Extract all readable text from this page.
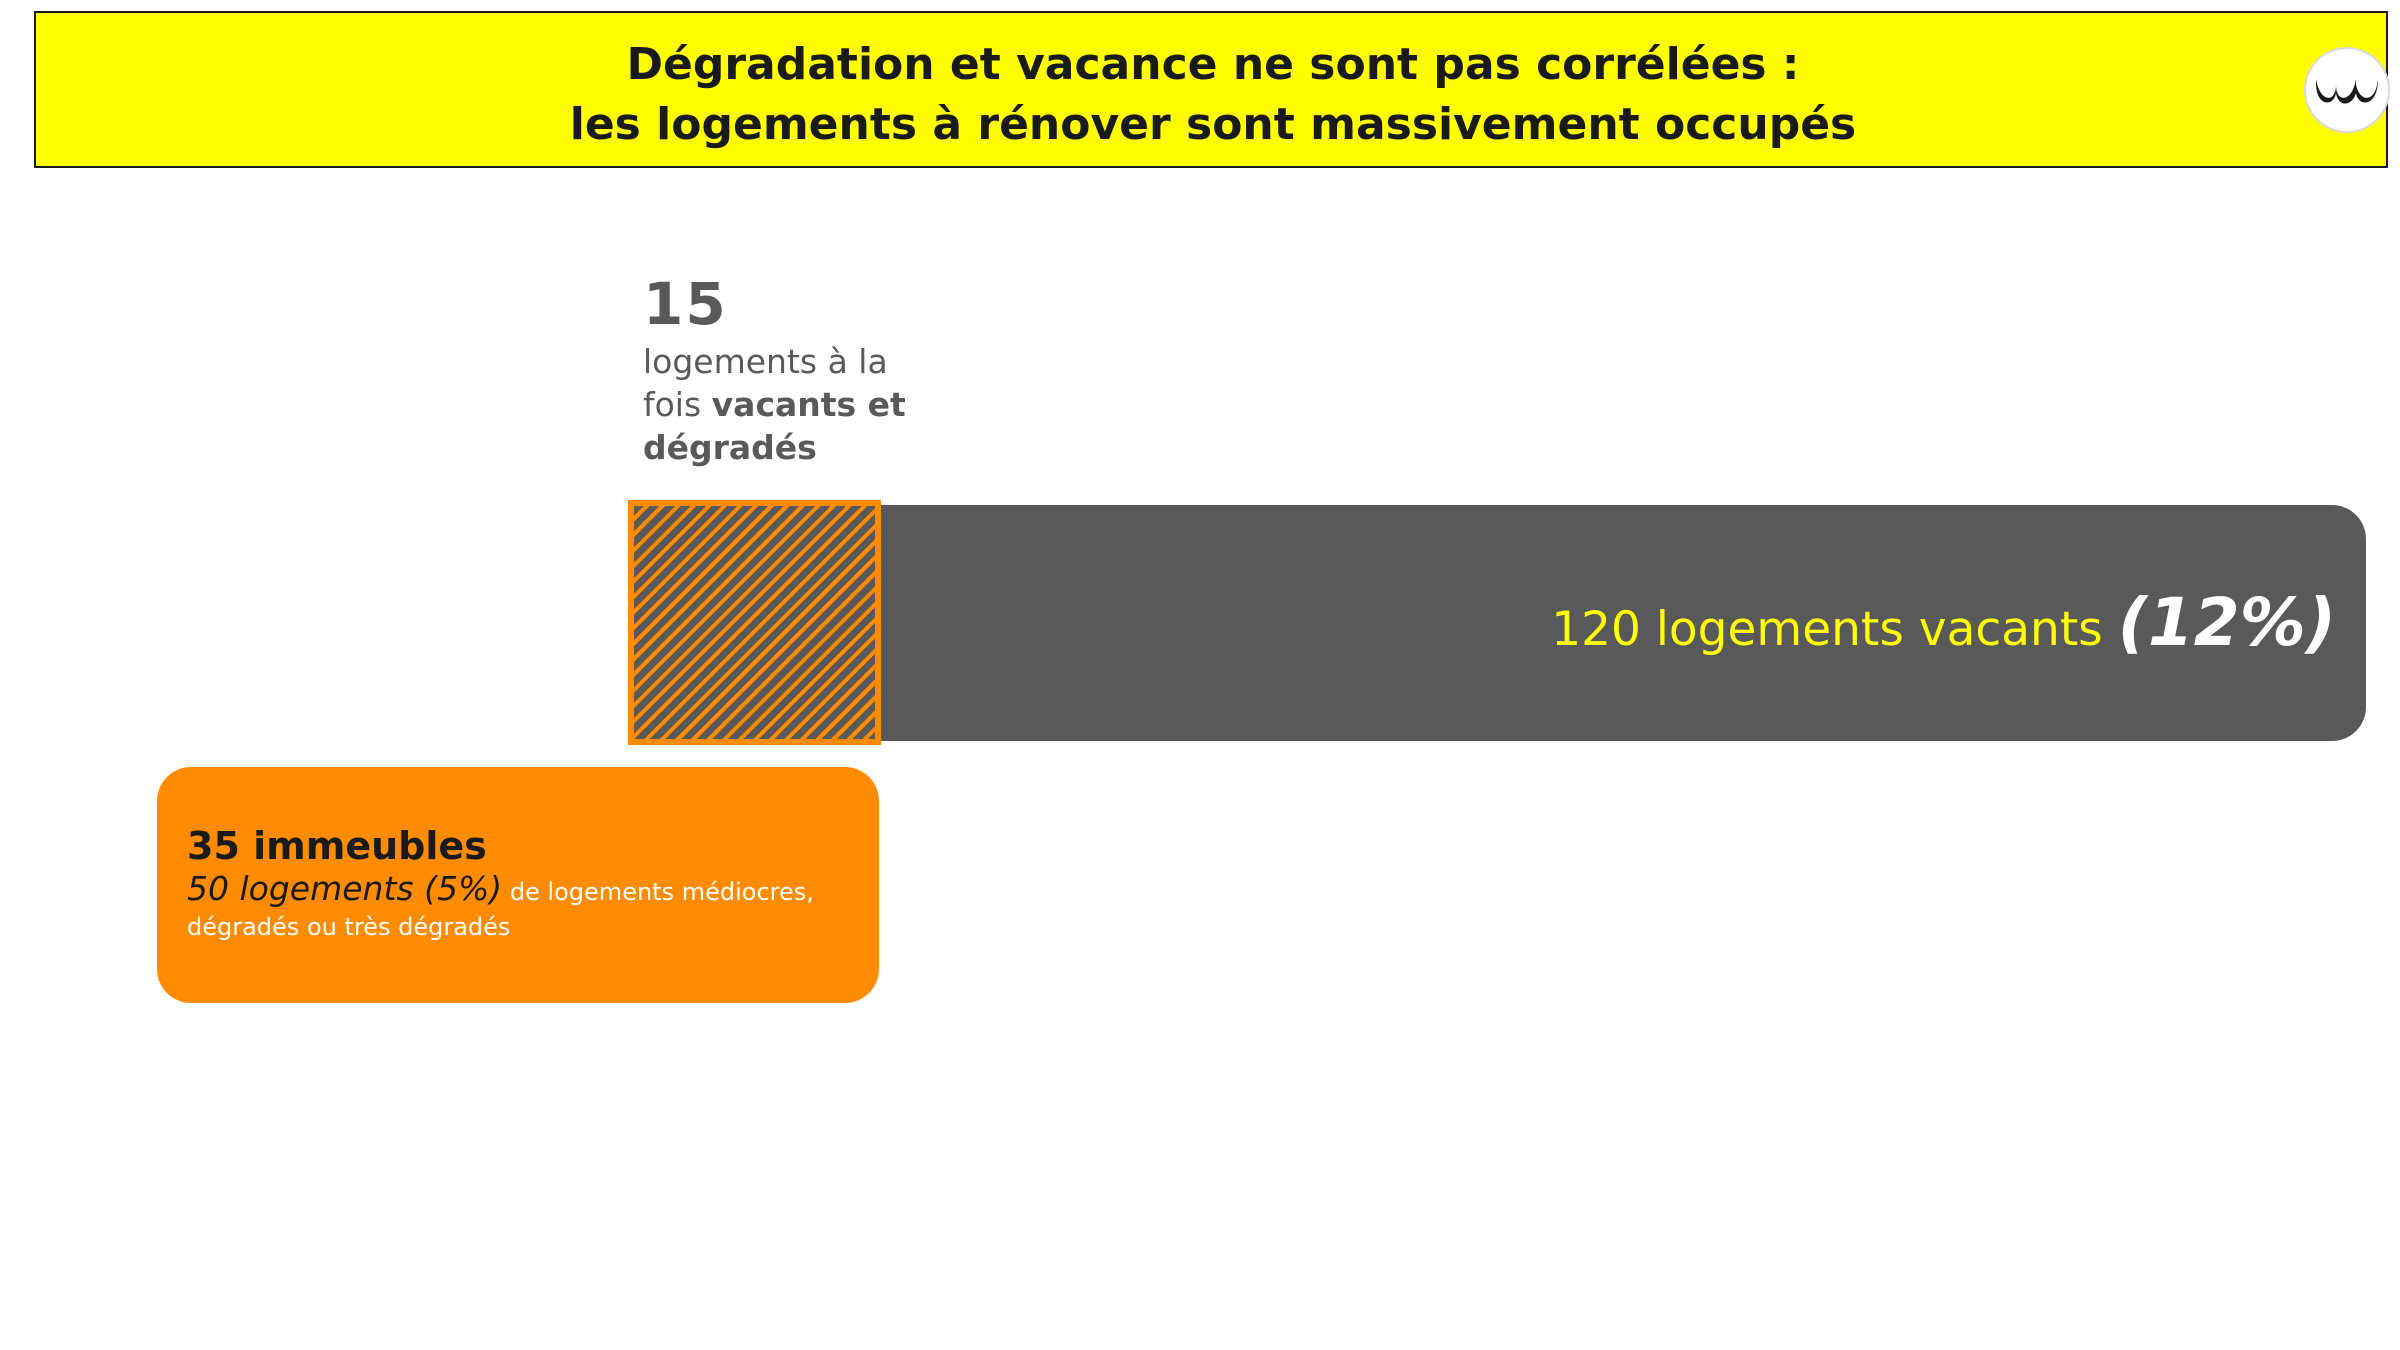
Dégradation et vacance ne sont pas corrélées :
les logements à rénover sont massivement occupés
15
logements à la
fois vacants et
dégradés
120 logements vacants (12%)
35 immeubles
50 logements (5%) de logements médiocres, dégradés ou très dégradés
